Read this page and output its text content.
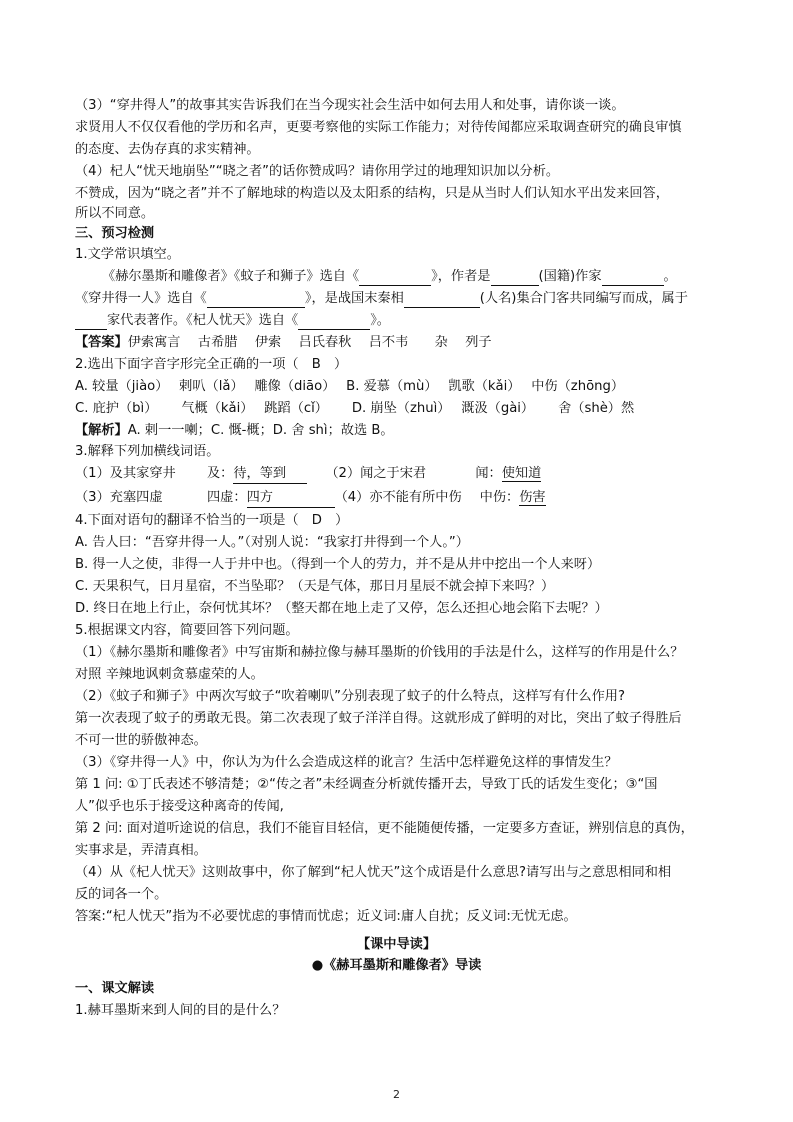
（3）“穿井得人”的故事其实告诉我们在当今现实社会生活中如何去用人和处事，请你谈一谈。
求贤用人不仅仅看他的学历和名声，更要考察他的实际工作能力；对待传闻都应采取调查研究的确良审慎
的态度、去伪存真的求实精神。
（4）杞人“忧天地崩坠”“晓之者”的话你赞成吗？请你用学过的地理知识加以分析。
不赞成，因为“晓之者”并不了解地球的构造以及太阳系的结构，只是从当时人们认知水平出发来回答，
所以不同意。
三、预习检测
1.文学常识填空。
《赫尔墨斯和雕像者》《蚊子和狮子》选自《	》，作者是	(国籍)作家	。
《穿井得一人》选自《	》，是战国末秦相	(人名)集合门客共同编写而成，属于
家代表著作。《杞人忧天》选自《	》。
【答案】伊索寓言　 古希腊　 伊索　 吕氏春秋　 吕不韦　　杂　 列子
2.选出下面字音字形完全正确的一项（　B　）
A. 较量（jiào）　 剌叭（lǎ）　 雕像（diāo）　 B. 爱慕（mù）　 凯歌（kǎi）　 中伤（zhōng）
C. 庇护（bì）　　 气概（kǎi）　 跳蹈（cǐ）　　 D. 崩坠（zhuì）　 溉汲（gài）　　 舍（shè）然
【解析】A. 剌一一喇；C. 慨-概；D. 舍 shì；故选 B。
3.解释下列加横线词语。
（1）及其家穿井 及：待，等到	（2）闻之于宋君	闻：使知道
（3）充塞四虚	四虚：四方	（4）亦不能有所中伤 中伤：伤害
4.下面对语句的翻译不恰当的一项是（　D　）
A. 告人曰：“吾穿井得一人。”（对别人说：“我家打井得到一个人。”）
B. 得一人之使，非得一人于井中也。（得到一个人的劳力，并不是从井中挖出一个人来呀）
C. 天果积气，日月星宿，不当坠耶？（天是气体，那日月星辰不就会掉下来吗？）
D. 终日在地上行止，奈何忧其坏？（整天都在地上走了又停，怎么还担心地会陷下去呢？）
5.根据课文内容，简要回答下列问题。
（1）《赫尔墨斯和雕像者》中写宙斯和赫拉像与赫耳墨斯的价钱用的手法是什么，这样写的作用是什么？
对照 辛辣地讽刺贪慕虚荣的人。
（2）《蚊子和狮子》中两次写蚊子“吹着喇叭”分别表现了蚊子的什么特点，这样写有什么作用?
第一次表现了蚊子的勇敢无畏。第二次表现了蚊子洋洋自得。这就形成了鲜明的对比，突出了蚊子得胜后
不可一世的骄傲神态。
（3）《穿井得一人》中，你认为为什么会造成这样的讹言？生活中怎样避免这样的事情发生？
第 1 问: ①丁氏表述不够清楚；②“传之者”未经调查分析就传播开去，导致丁氏的话发生变化；③“国
人”似乎也乐于接受这种离奇的传闻,
第 2 问: 面对道听途说的信息，我们不能盲目轻信，更不能随便传播，一定要多方查证，辨别信息的真伪，
实事求是，弄清真相。
（4）从《杞人忧天》这则故事中，你了解到“杞人忧天”这个成语是什么意思?请写出与之意思相同和相
反的词各一个。
答案:“杞人忧天”指为不必要忧虑的事情而忧虑；近义词:庸人自扰；反义词:无忧无虑。
【课中导读】
●《赫耳墨斯和雕像者》导读
一、课文解读
1.赫耳墨斯来到人间的目的是什么？
2
